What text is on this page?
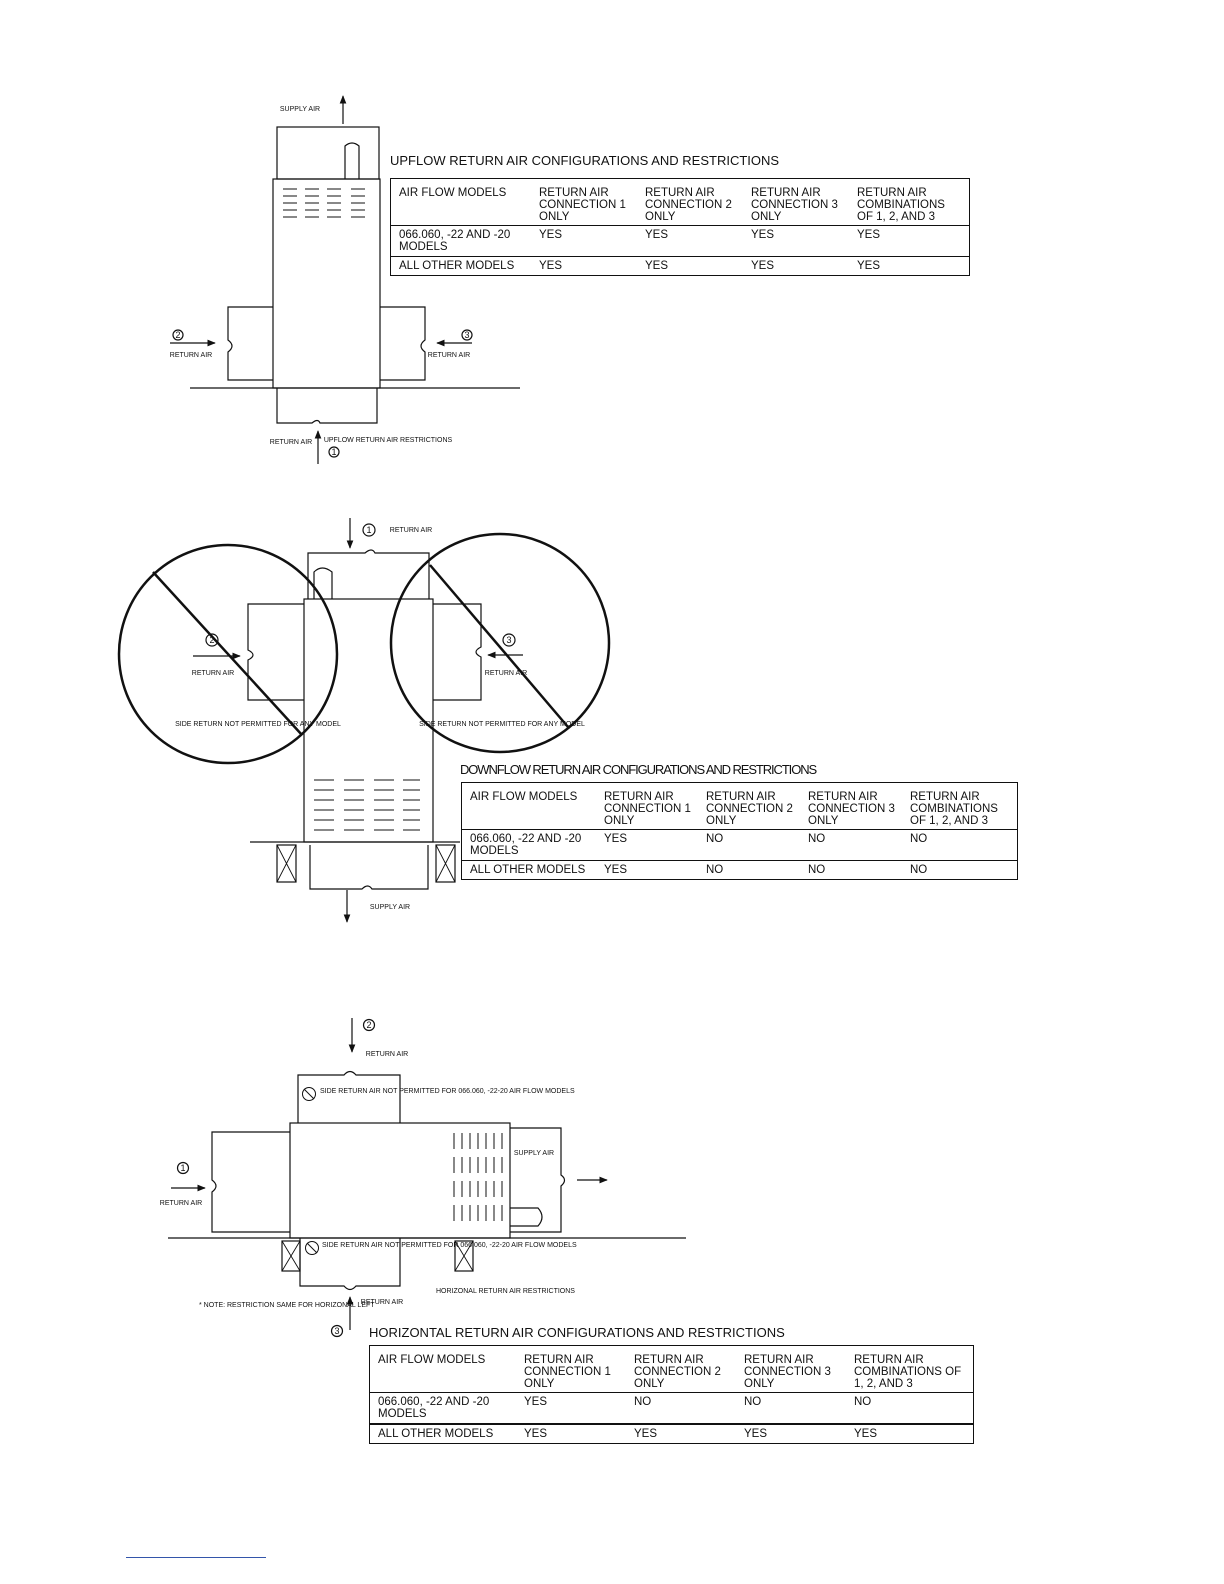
SUPPLY AIR
RETURN AIR	RETURN AIR
RETURN AIR UPFLOW RETURN AIR RESTRICTIONS
1
2	3
RETURN AIR
RETURN AIR	RETURN AIR
SIDE RETURN NOT PERMITTED FOR ANY MODEL	SIDE RETURN NOT PERMITTED FOR ANY MODEL
SUPPLY AIR
1
2	3
RETURN AIR
SIDE RETURN AIR NOT PERMITTED FOR 066.060, -22-20 AIR FLOW MODELS
RETURN AIR
SUPPLY AIR
SIDE RETURN AIR NOT PERMITTED FOR 066.060, -22-20 AIR FLOW MODELS
RETURN AIR
HORIZONAL RETURN AIR RESTRICTIONS
* NOTE: RESTRICTION SAME FOR HORIZONAL LEFT
2
1
3
UPFLOW RETURN AIR CONFIGURATIONS AND RESTRICTIONS
AIR FLOW MODELS	RETURN AIR CONNECTION 1 ONLY	RETURN AIR CONNECTION 2 ONLY	RETURN AIR CONNECTION 3 ONLY	RETURN AIR COMBINATIONS OF 1, 2, AND 3
066.060, -22 AND -20 MODELS	YES	YES	YES	YES
ALL OTHER MODELS	YES	YES	YES	YES
DOWNFLOW RETURN AIR CONFIGURATIONS AND RESTRICTIONS
AIR FLOW MODELS	RETURN AIR CONNECTION 1 ONLY	RETURN AIR CONNECTION 2 ONLY	RETURN AIR CONNECTION 3 ONLY	RETURN AIR COMBINATIONS OF 1, 2, AND 3
066.060, -22 AND -20 MODELS	YES	NO	NO	NO
ALL OTHER MODELS	YES	NO	NO	NO
HORIZONTAL RETURN AIR CONFIGURATIONS AND RESTRICTIONS
AIR FLOW MODELS	RETURN AIR CONNECTION 1 ONLY	RETURN AIR CONNECTION 2 ONLY	RETURN AIR CONNECTION 3 ONLY	RETURN AIR COMBINATIONS OF 1, 2, AND 3
066.060, -22 AND -20 MODELS	YES	NO	NO	NO
ALL OTHER MODELS	YES	YES	YES	YES
